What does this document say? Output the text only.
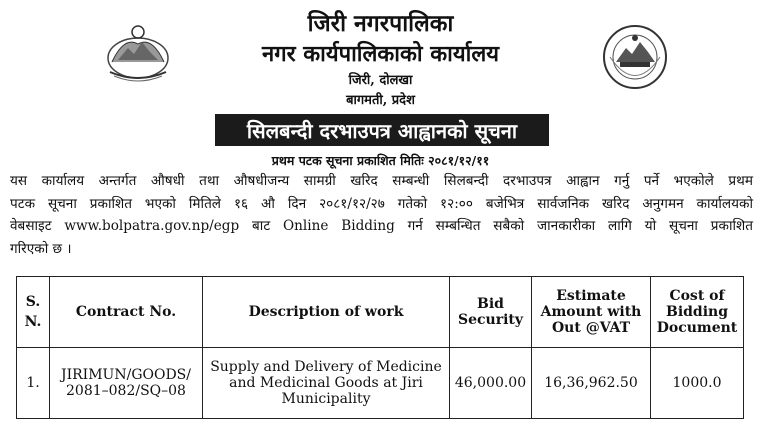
जिरी नगरपालिका
नगर कार्यपालिकाको कार्यालय
जिरी, दोलखा
बागमती, प्रदेश
सिलबन्दी दरभाउपत्र आह्वानको सूचना
प्रथम पटक सूचना प्रकाशित मितिः २०८१/१२/११
यस कार्यालय अन्तर्गत औषधी तथा औषधीजन्य सामग्री खरिद सम्बन्धी सिलबन्दी दरभाउपत्र आह्वान गर्नु पर्ने भएकोले प्रथम
पटक सूचना प्रकाशित भएको मितिले १६ औ दिन २०८१/१२/२७ गतेको १२:०० बजेभित्र सार्वजनिक खरिद अनुगमन कार्यालयको
वेबसाइट www.bolpatra.gov.np/egp बाट Online Bidding गर्न सम्बन्धित सबैको जानकारीका लागि यो सूचना प्रकाशित
गरिएको छ ।
S. N.	Contract No.	Description of work	Bid Security	Estimate Amount with Out @VAT	Cost of Bidding Document
1.	JIRIMUN/GOODS/ 2081–082/SQ–08	Supply and Delivery of Medicine and Medicinal Goods at Jiri Municipality	46,000.00	16,36,962.50	1000.0
